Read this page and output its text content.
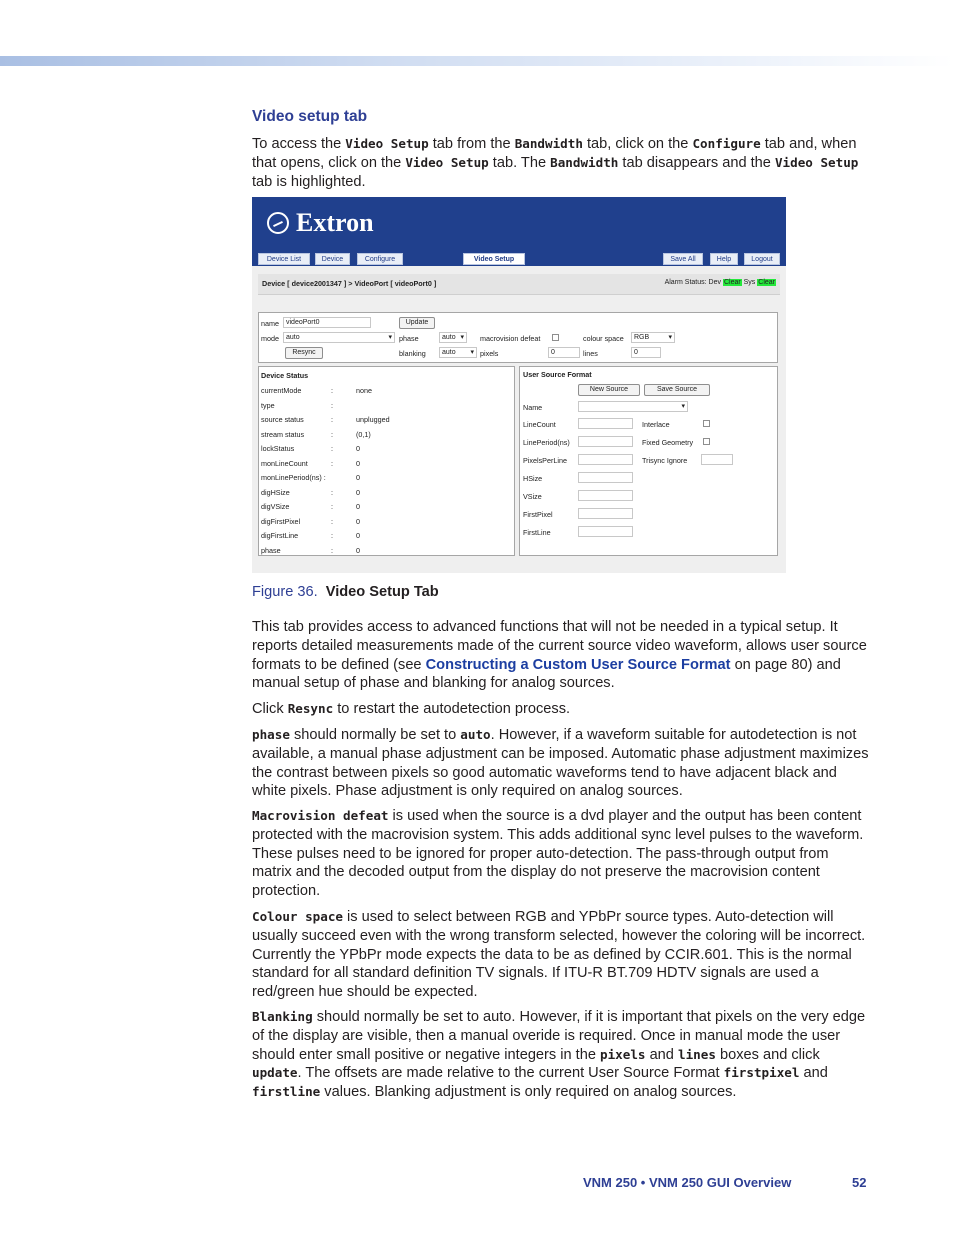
Video setup tab

To access the Video Setup tab from the Bandwidth tab, click on the Configure tab and, when that opens, click on the Video Setup tab. The Bandwidth tab disappears and the Video Setup tab is highlighted.

Extron
Device List	Device	Configure	Video Setup	Save All	Help	Logout
Device [ device2001347 ] > VideoPort [ videoPort0 ]	Alarm Status: Dev Clear Sys Clear
name	videoPort0	Update
mode	auto ▾	phase	auto ▾	macrovision defeat	colour space	RGB ▾
Resync	blanking	auto ▾	pixels	0	lines	0
Device Status
currentMode	:	none
type	:
source status	:	unplugged
stream status	:	(0,1)
lockStatus	:	0
monLineCount	:	0
monLinePeriod(ns) :	0
digHSize	:	0
digVSize	:	0
digFirstPixel	:	0
digFirstLine	:	0
phase	:	0
User Source Format
New Source	Save Source
Name
▾
LineCount	Interlace
LinePeriod(ns)	Fixed Geometry
PixelsPerLine	Trisync Ignore
HSize
VSize
FirstPixel
FirstLine
Figure 36. Video Setup Tab

This tab provides access to advanced functions that will not be needed in a typical setup. It reports detailed measurements made of the current source video waveform, allows user source formats to be defined (see Constructing a Custom User Source Format on page 80) and manual setup of phase and blanking for analog sources.

Click Resync to restart the autodetection process.

phase should normally be set to auto. However, if a waveform suitable for autodetection is not available, a manual phase adjustment can be imposed. Automatic phase adjustment maximizes the contrast between pixels so good automatic waveforms tend to have adjacent black and white pixels. Phase adjustment is only required on analog sources.

Macrovision defeat is used when the source is a dvd player and the output has been content protected with the macrovision system. This adds additional sync level pulses to the waveform. These pulses need to be ignored for proper auto-detection. The pass-through output from matrix and the decoded output from the display do not preserve the macrovision content protection.

Colour space is used to select between RGB and YPbPr source types. Auto-detection will usually succeed even with the wrong transform selected, however the coloring will be incorrect. Currently the YPbPr mode expects the data to be as defined by CCIR.601. This is the normal standard for all standard definition TV signals. If ITU-R BT.709 HDTV signals are used a red/green hue should be expected.

Blanking should normally be set to auto. However, if it is important that pixels on the very edge of the display are visible, then a manual overide is required. Once in manual mode the user should enter small positive or negative integers in the pixels and lines boxes and click update. The offsets are made relative to the current User Source Format firstpixel and firstline values. Blanking adjustment is only required on analog sources.

VNM 250 • VNM 250 GUI Overview	52
